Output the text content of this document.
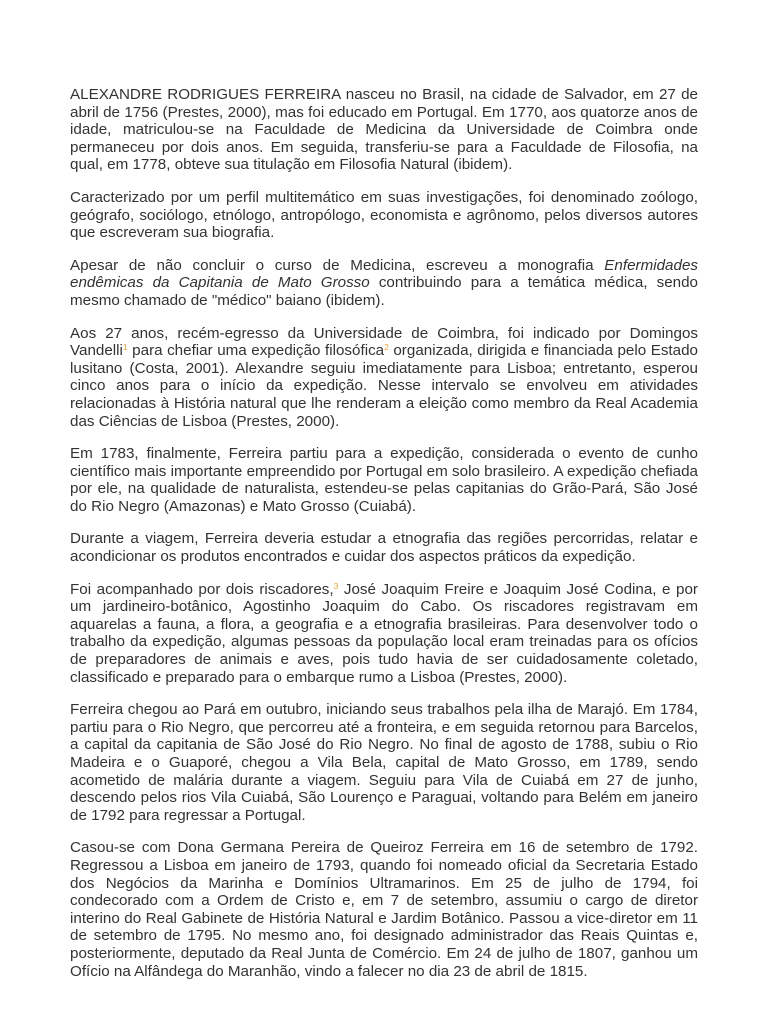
ALEXANDRE RODRIGUES FERREIRA nasceu no Brasil, na cidade de Salvador, em 27 de abril de 1756 (Prestes, 2000), mas foi educado em Portugal. Em 1770, aos quatorze anos de idade, matriculou-se na Faculdade de Medicina da Universidade de Coimbra onde permaneceu por dois anos. Em seguida, transferiu-se para a Faculdade de Filosofia, na qual, em 1778, obteve sua titulação em Filosofia Natural (ibidem).

Caracterizado por um perfil multitemático em suas investigações, foi denominado zoólogo, geógrafo, sociólogo, etnólogo, antropólogo, economista e agrônomo, pelos diversos autores que escreveram sua biografia.

Apesar de não concluir o curso de Medicina, escreveu a monografia Enfermidades endêmicas da Capitania de Mato Grosso contribuindo para a temática médica, sendo mesmo chamado de "médico" baiano (ibidem).

Aos 27 anos, recém-egresso da Universidade de Coimbra, foi indicado por Domingos Vandelli$^1$ para chefiar uma expedição filosófica$^2$ organizada, dirigida e financiada pelo Estado lusitano (Costa, 2001). Alexandre seguiu imediatamente para Lisboa; entretanto, esperou cinco anos para o início da expedição. Nesse intervalo se envolveu em atividades relacionadas à História natural que lhe renderam a eleição como membro da Real Academia das Ciências de Lisboa (Prestes, 2000).

Em 1783, finalmente, Ferreira partiu para a expedição, considerada o evento de cunho científico mais importante empreendido por Portugal em solo brasileiro. A expedição chefiada por ele, na qualidade de naturalista, estendeu-se pelas capitanias do Grão-Pará, São José do Rio Negro (Amazonas) e Mato Grosso (Cuiabá).

Durante a viagem, Ferreira deveria estudar a etnografia das regiões percorridas, relatar e acondicionar os produtos encontrados e cuidar dos aspectos práticos da expedição.

Foi acompanhado por dois riscadores,$^3$ José Joaquim Freire e Joaquim José Codina, e por um jardineiro-botânico, Agostinho Joaquim do Cabo. Os riscadores registravam em aquarelas a fauna, a flora, a geografia e a etnografia brasileiras. Para desenvolver todo o trabalho da expedição, algumas pessoas da população local eram treinadas para os ofícios de preparadores de animais e aves, pois tudo havia de ser cuidadosamente coletado, classificado e preparado para o embarque rumo a Lisboa (Prestes, 2000).

Ferreira chegou ao Pará em outubro, iniciando seus trabalhos pela ilha de Marajó. Em 1784, partiu para o Rio Negro, que percorreu até a fronteira, e em seguida retornou para Barcelos, a capital da capitania de São José do Rio Negro. No final de agosto de 1788, subiu o Rio Madeira e o Guaporé, chegou a Vila Bela, capital de Mato Grosso, em 1789, sendo acometido de malária durante a viagem. Seguiu para Vila de Cuiabá em 27 de junho, descendo pelos rios Vila Cuiabá, São Lourenço e Paraguai, voltando para Belém em janeiro de 1792 para regressar a Portugal.

Casou-se com Dona Germana Pereira de Queiroz Ferreira em 16 de setembro de 1792. Regressou a Lisboa em janeiro de 1793, quando foi nomeado oficial da Secretaria Estado dos Negócios da Marinha e Domínios Ultramarinos. Em 25 de julho de 1794, foi condecorado com a Ordem de Cristo e, em 7 de setembro, assumiu o cargo de diretor interino do Real Gabinete de História Natural e Jardim Botânico. Passou a vice-diretor em 11 de setembro de 1795. No mesmo ano, foi designado administrador das Reais Quintas e, posteriormente, deputado da Real Junta de Comércio. Em 24 de julho de 1807, ganhou um Ofício na Alfândega do Maranhão, vindo a falecer no dia 23 de abril de 1815.
